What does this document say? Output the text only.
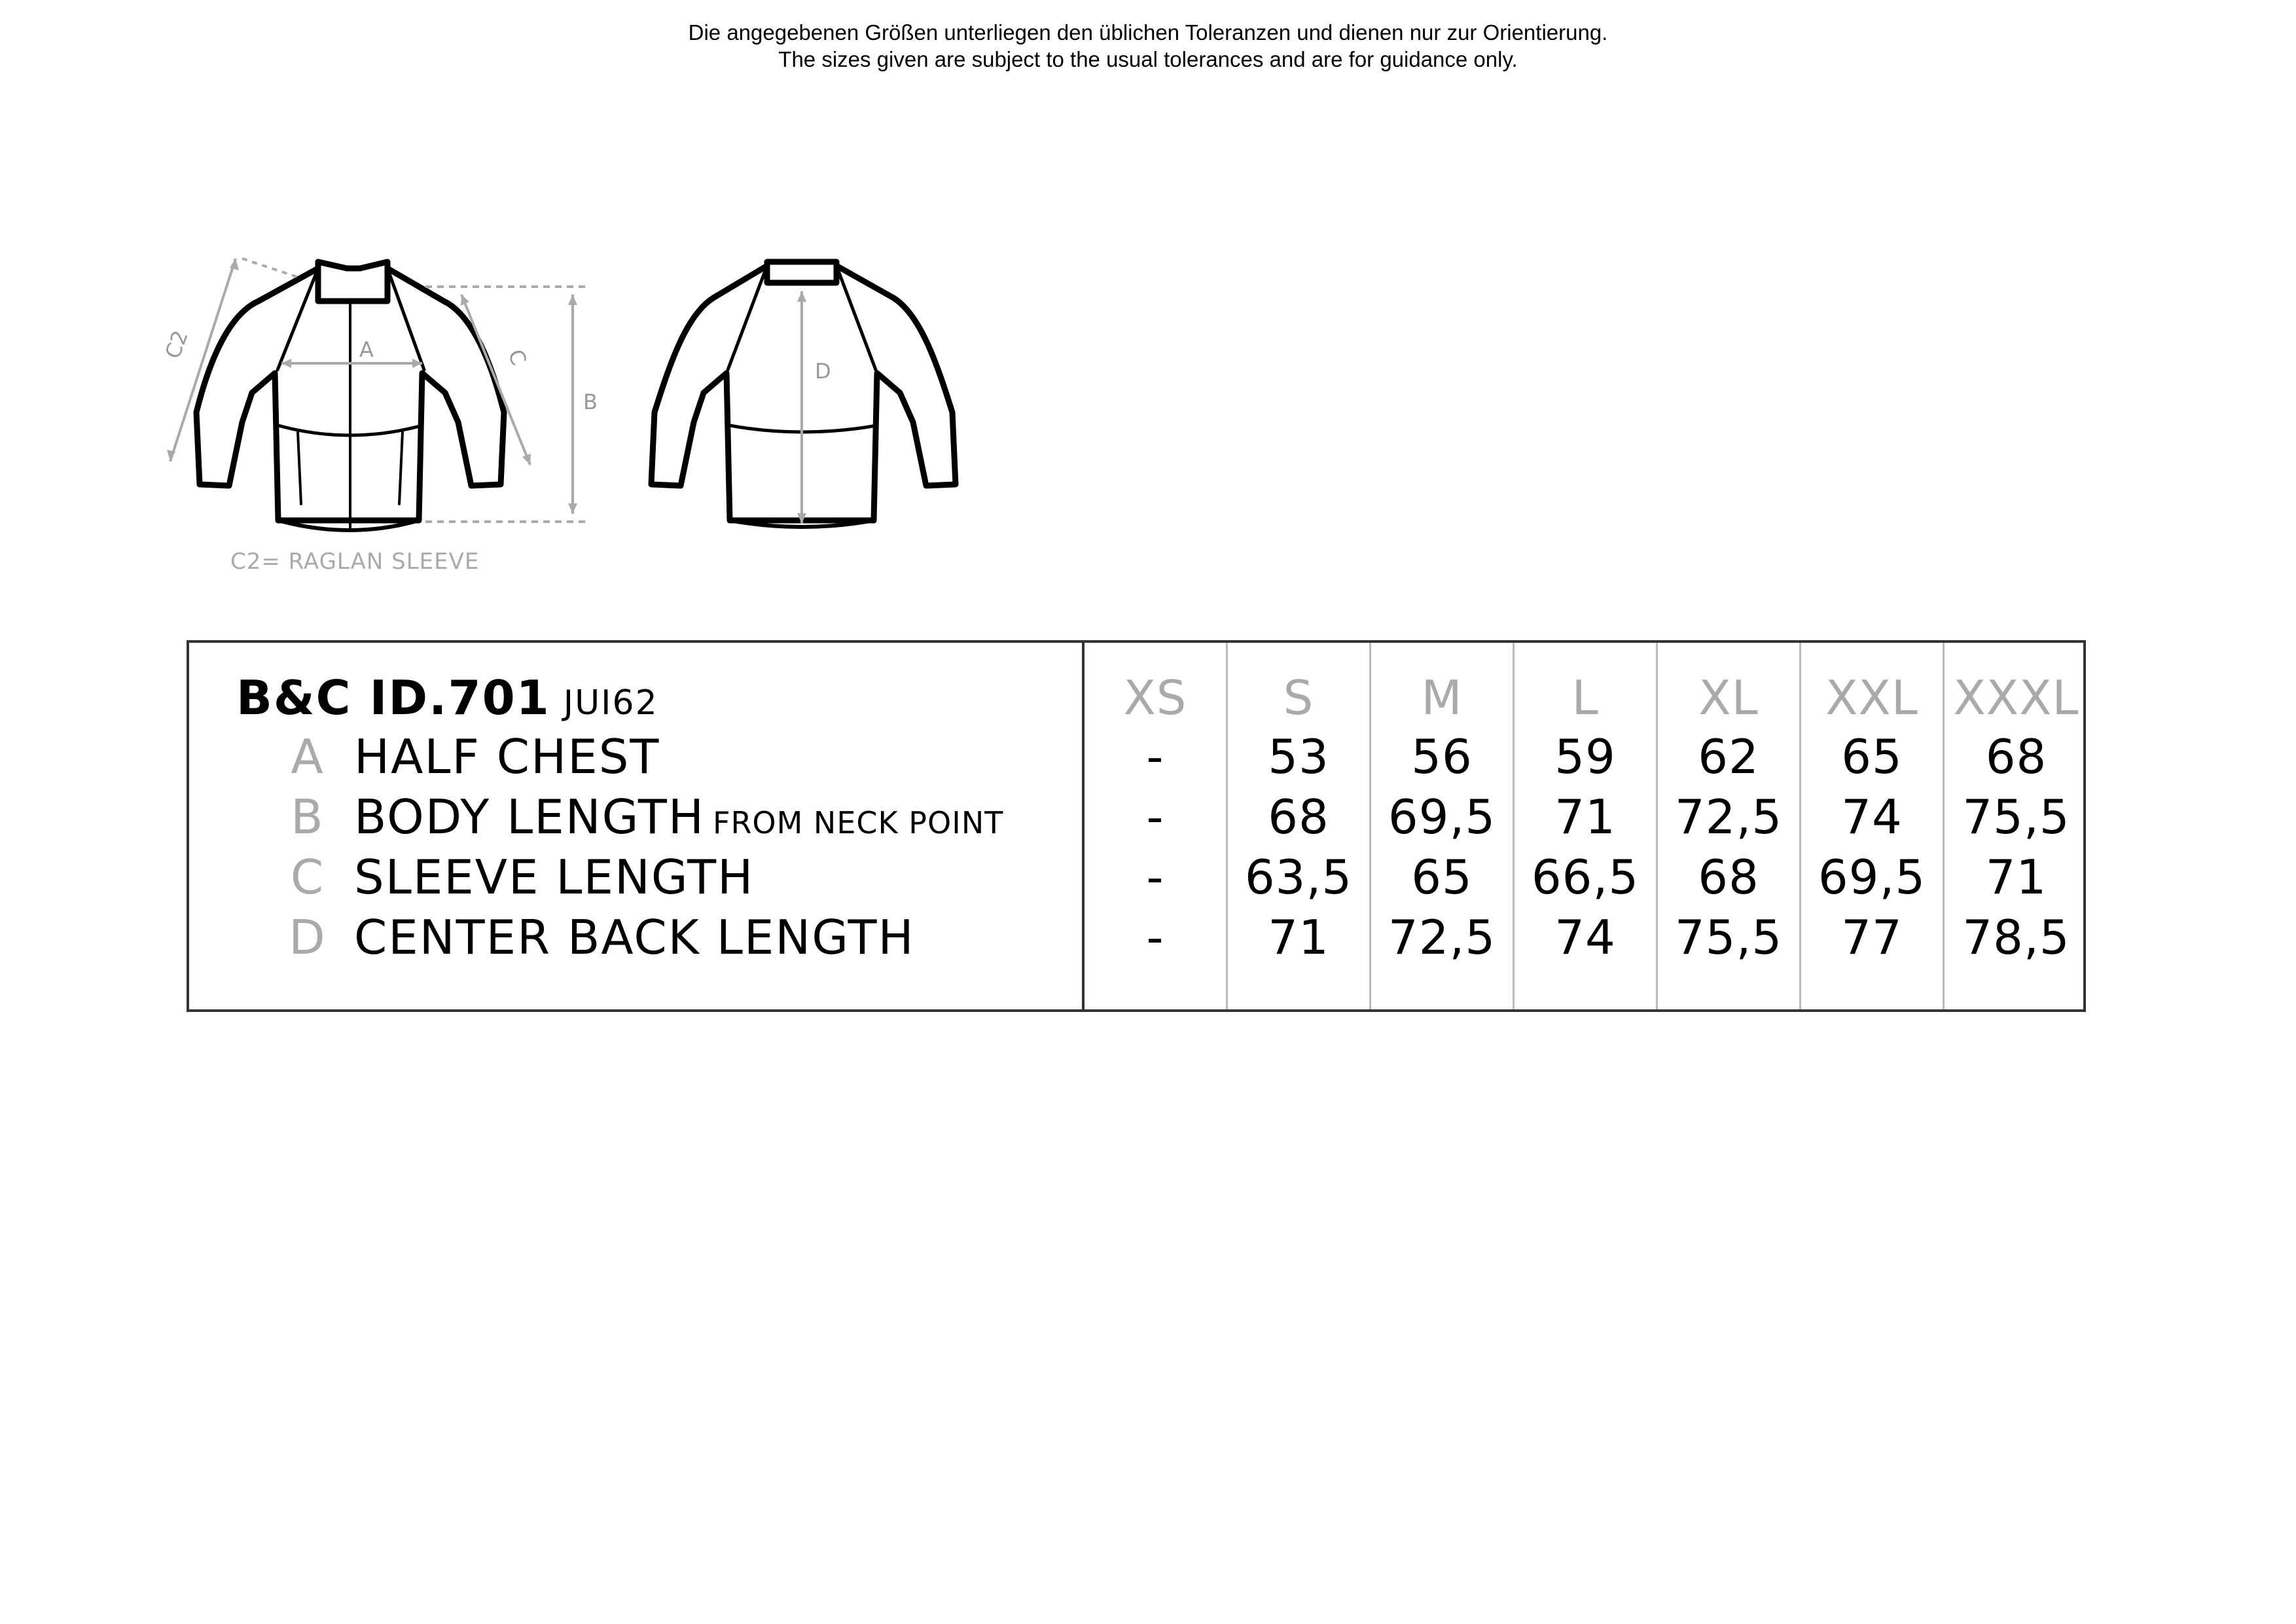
Die angegebenen Größen unterliegen den üblichen Toleranzen und dienen nur zur Orientierung.
The sizes given are subject to the usual tolerances and are for guidance only.
A
B
C
C2
D
C2= RAGLAN SLEEVE
B&C ID.701 JUI62
A HALF CHEST
B BODY LENGTH FROM NECK POINT
C SLEEVE LENGTH
D CENTER BACK LENGTH
XS
-
-
-
-
S
53
68
63,5
71
M
56
69,5
65
72,5
L
59
71
66,5
74
XL
62
72,5
68
75,5
XXL
65
74
69,5
77
XXXL
68
75,5
71
78,5
